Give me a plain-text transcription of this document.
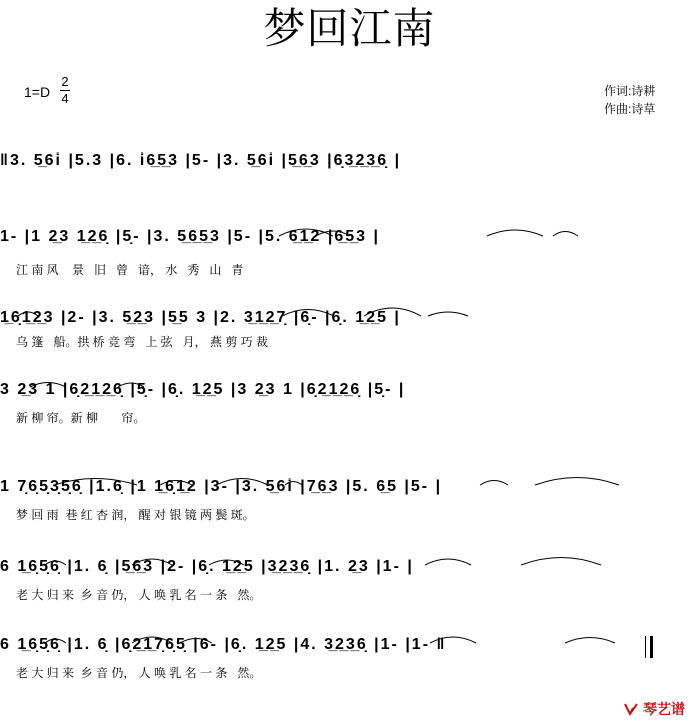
梦回江南
1=D
2
4	作词:诗耕
作曲:诗草
‖3. 5̲6i̇ |5.3 |6. i̇6̲5̲3 |5- |3. 5̲6i̇ |5̲6̲3 |6̣3̲2̲3̲6̣ |
1- |1 2̲3 1̲2̲6̣ |5̣- |3. 5̲6̲5̲3 |5- |5. 6̲1̲2 |6̲5̲3 |
江 南 风    景   旧   曾   谙， 水   秀   山   青
1̲6̣1̲2̲3 |2- |3. 5̲2̲3 |5̲5 3 |2. 3̲1̲2̲7̣ |6̣- |6̣. 1̲2̲5 |
乌 篷   船。拱 桥 竞 弯   上 弦   月， 燕 剪 巧 裁
3 2̲3 1 |6̣2̲1̲2̲6̣ |5̣- |6̣. 1̲2̲5 |3 2̲3 1 |6̣2̲1̲2̲6̣ |5̣- |
新 柳 帘。新 柳       帘。
1 7̣6̣5̣3̣5̣6̣ |1.6̣ |1 1̲6̣1̲2 |3- |3. 5̲6i̇ |7̲6̲3 |5. 6̲5 |5- |
梦 回 雨  巷 红 杏 润， 醒 对 银 镜 两 鬓 斑。
6 1̲6̣5̣6̣ |1. 6̣ |5̲6̲3 |2- |6̣. 1̲2̲5 |3̲2̲3̲6̣ |1. 2̲3 |1- |
老 大 归 来  乡 音 仍， 人 唤 乳 名 一 条   然。
6 1̲6̣5̣6̣ |1. 6̣ |6̣2̲1̲7̣6̣5̣ |6- |6̣. 1̲2̲5 |4. 3̲2̲3̲6̣ |1- |1- ‖
老 大 归 来  乡 音 仍， 人 唤 乳 名 一 条   然。
琴艺谱
